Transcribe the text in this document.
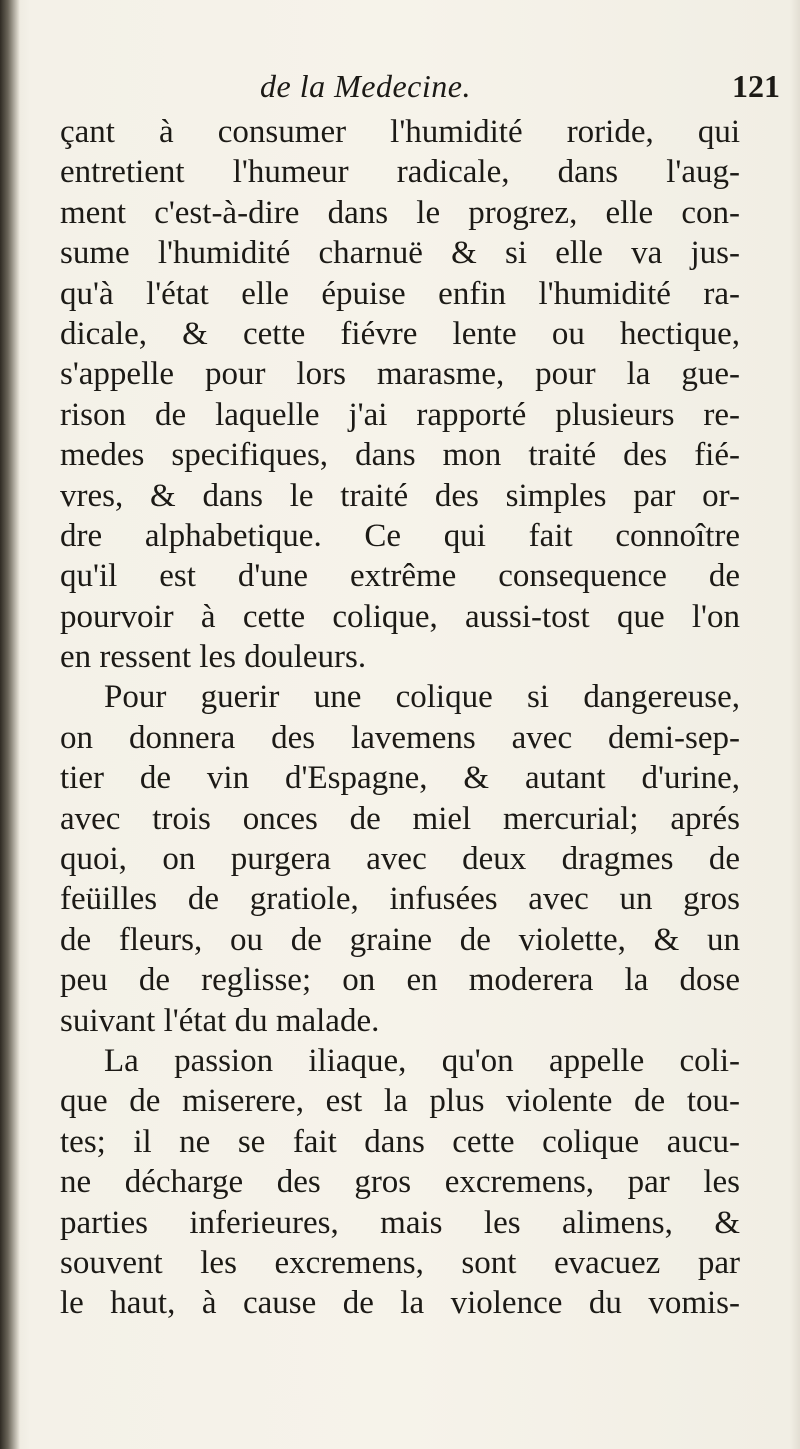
de la Medecine.	121
çant à consumer l'humidité roride, qui
entretient l'humeur radicale, dans l'aug-
ment c'est-à-dire dans le progrez, elle con-
sume l'humidité charnuë & si elle va jus-
qu'à l'état elle épuise enfin l'humidité ra-
dicale, & cette fiévre lente ou hectique,
s'appelle pour lors marasme, pour la gue-
rison de laquelle j'ai rapporté plusieurs re-
medes specifiques, dans mon traité des fié-
vres, & dans le traité des simples par or-
dre alphabetique. Ce qui fait connoître
qu'il est d'une extrême consequence de
pourvoir à cette colique, aussi-tost que l'on
en ressent les douleurs.
Pour guerir une colique si dangereuse,
on donnera des lavemens avec demi-sep-
tier de vin d'Espagne, & autant d'urine,
avec trois onces de miel mercurial; aprés
quoi, on purgera avec deux dragmes de
feüilles de gratiole, infusées avec un gros
de fleurs, ou de graine de violette, & un
peu de reglisse; on en moderera la dose
suivant l'état du malade.
La passion iliaque, qu'on appelle coli-
que de miserere, est la plus violente de tou-
tes; il ne se fait dans cette colique aucu-
ne décharge des gros excremens, par les
parties inferieures, mais les alimens, &
souvent les excremens, sont evacuez par
le haut, à cause de la violence du vomis-
